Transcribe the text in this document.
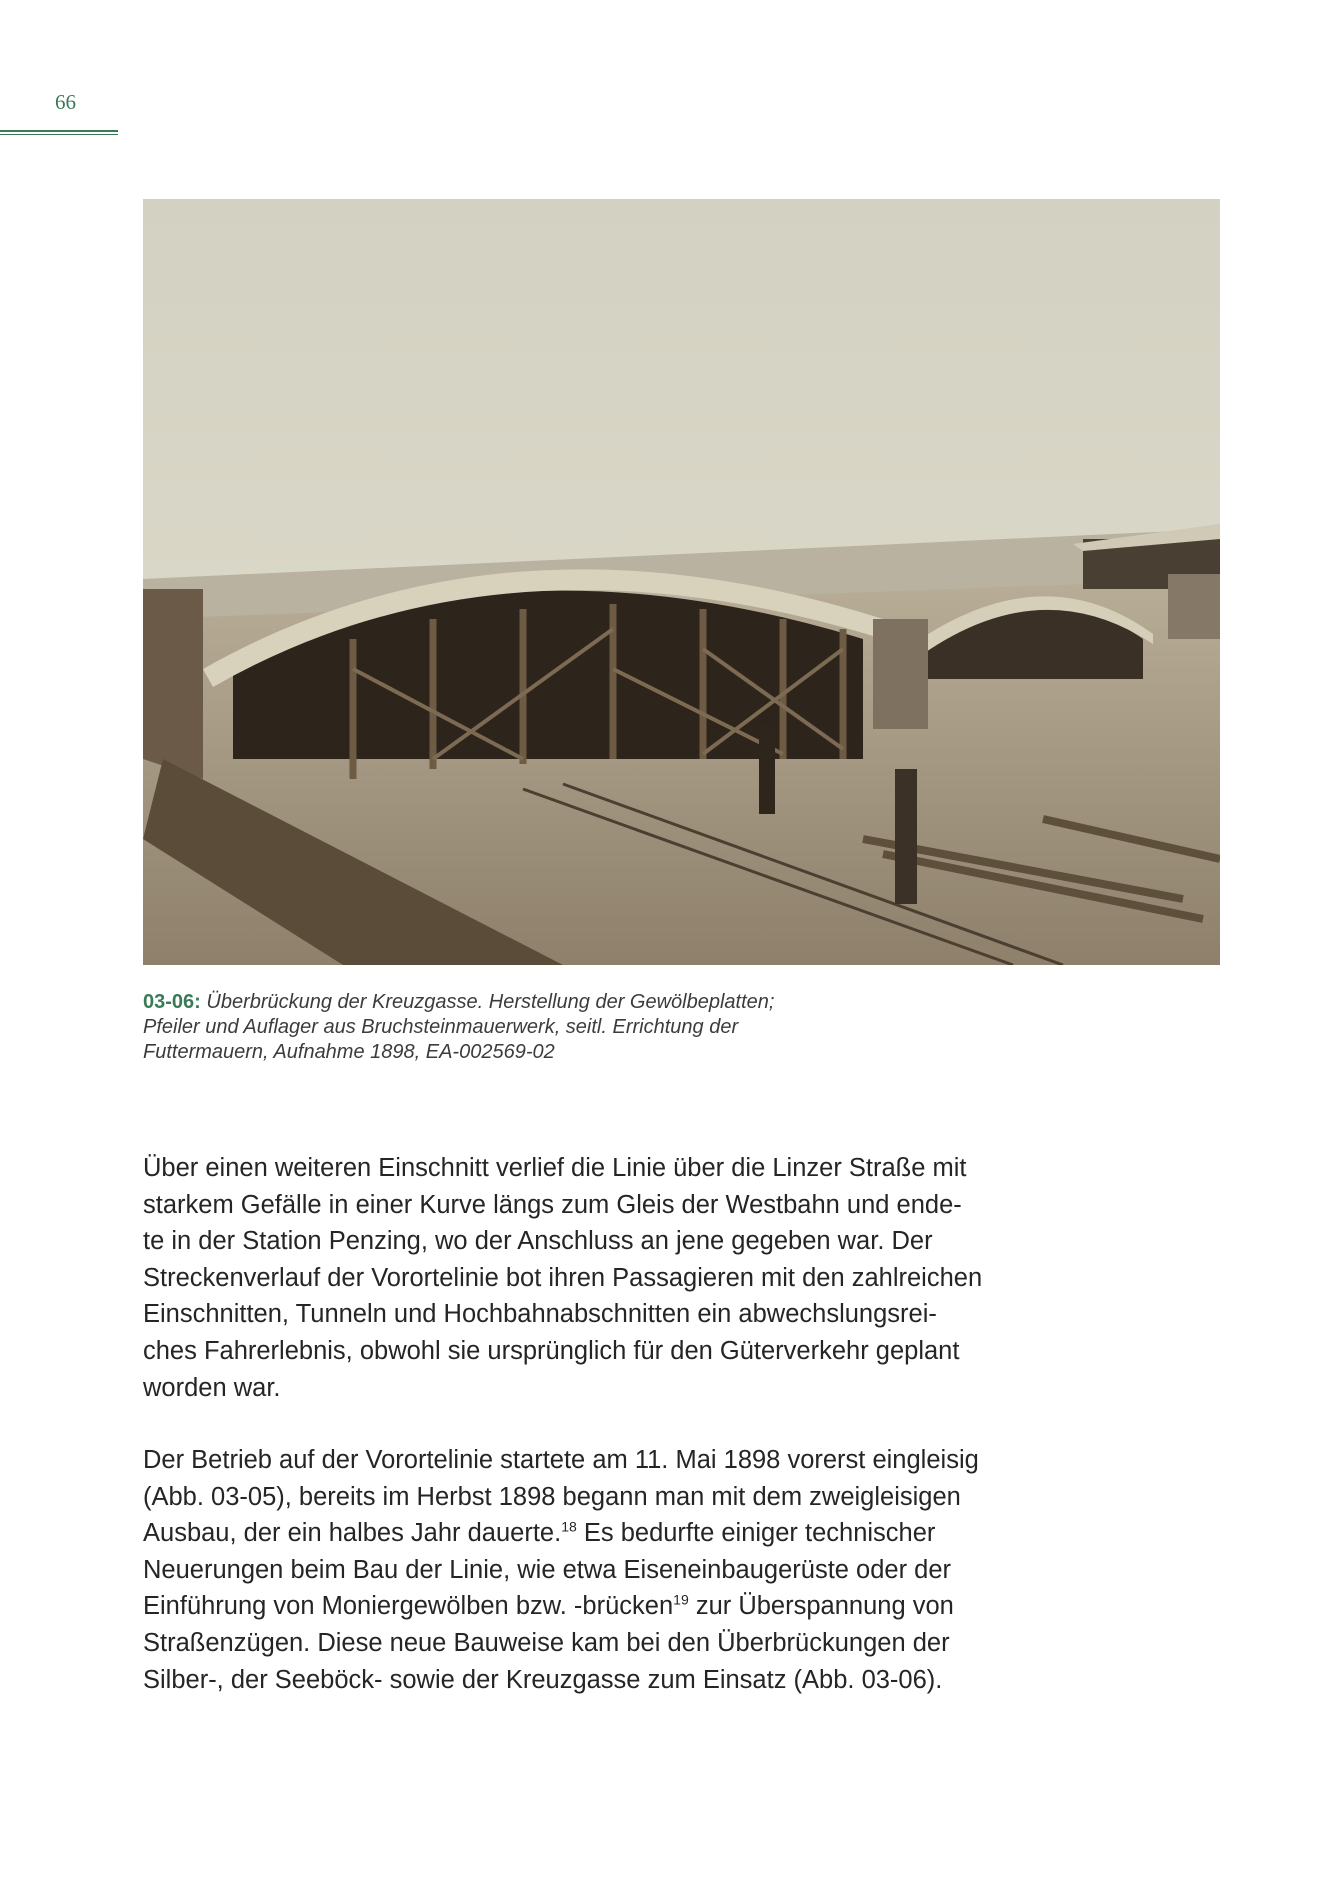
66
03-06: Überbrückung der Kreuzgasse. Herstellung der Gewölbeplatten;
Pfeiler und Auflager aus Bruchsteinmauerwerk, seitl. Errichtung der
Futtermauern, Aufnahme 1898, EA-002569-02
Über einen weiteren Einschnitt verlief die Linie über die Linzer Straße mit
starkem Gefälle in einer Kurve längs zum Gleis der Westbahn und ende-
te in der Station Penzing, wo der Anschluss an jene gegeben war. Der
Streckenverlauf der Vorortelinie bot ihren Passagieren mit den zahlreichen
Einschnitten, Tunneln und Hochbahnabschnitten ein abwechslungsrei-
ches Fahrerlebnis, obwohl sie ursprünglich für den Güterverkehr geplant
worden war.
Der Betrieb auf der Vorortelinie startete am 11. Mai 1898 vorerst eingleisig
(Abb. 03-05), bereits im Herbst 1898 begann man mit dem zweigleisigen
Ausbau, der ein halbes Jahr dauerte.$^{18}$ Es bedurfte einiger technischer
Neuerungen beim Bau der Linie, wie etwa Eiseneinbaugerüste oder der
Einführung von Moniergewölben bzw. -brücken$^{19}$ zur Überspannung von
Straßenzügen. Diese neue Bauweise kam bei den Überbrückungen der
Silber-, der Seeböck- sowie der Kreuzgasse zum Einsatz (Abb. 03-06).
